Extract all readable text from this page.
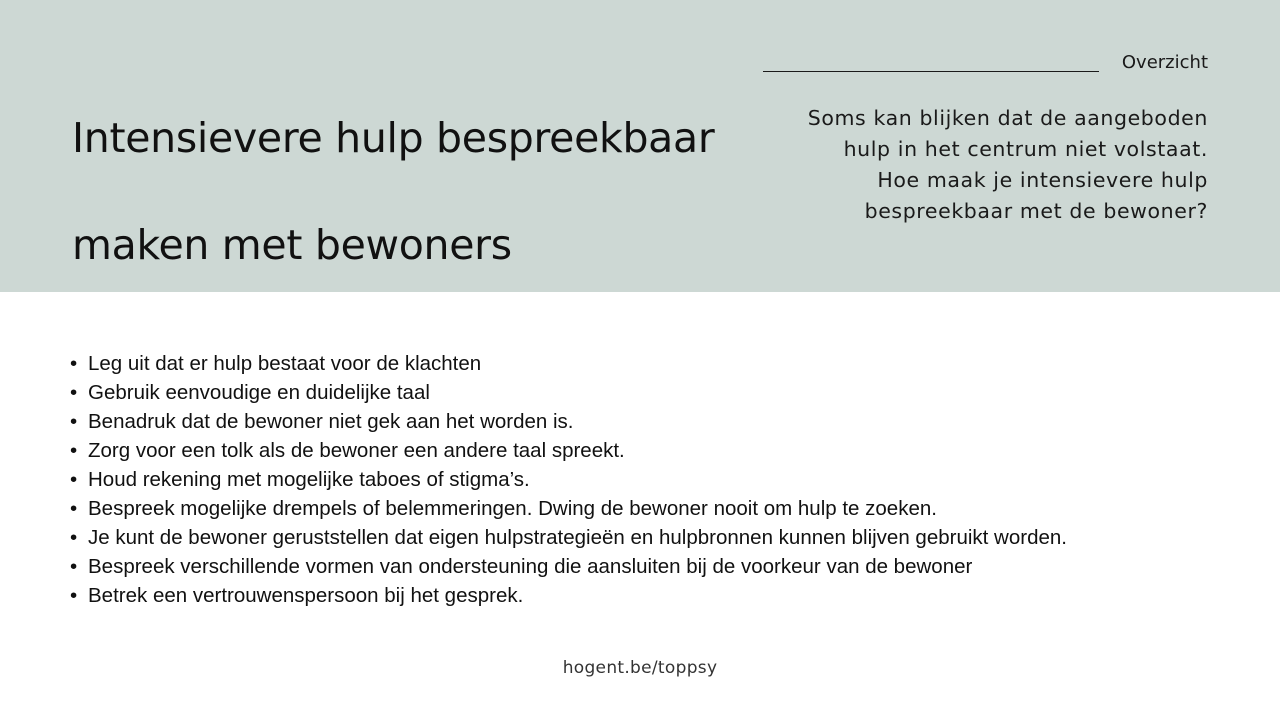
Intensievere hulp bespreekbaar
maken met bewoners
Overzicht
Soms kan blijken dat de aangeboden
hulp in het centrum niet volstaat.
Hoe maak je intensievere hulp
bespreekbaar met de bewoner?
• Leg uit dat er hulp bestaat voor de klachten
• Gebruik eenvoudige en duidelijke taal
• Benadruk dat de bewoner niet gek aan het worden is.
• Zorg voor een tolk als de bewoner een andere taal spreekt.
• Houd rekening met mogelijke taboes of stigma’s.
• Bespreek mogelijke drempels of belemmeringen. Dwing de bewoner nooit om hulp te zoeken.
• Je kunt de bewoner geruststellen dat eigen hulpstrategieën en hulpbronnen kunnen blijven gebruikt worden.
• Bespreek verschillende vormen van ondersteuning die aansluiten bij de voorkeur van de bewoner
• Betrek een vertrouwenspersoon bij het gesprek.
hogent.be/toppsy
